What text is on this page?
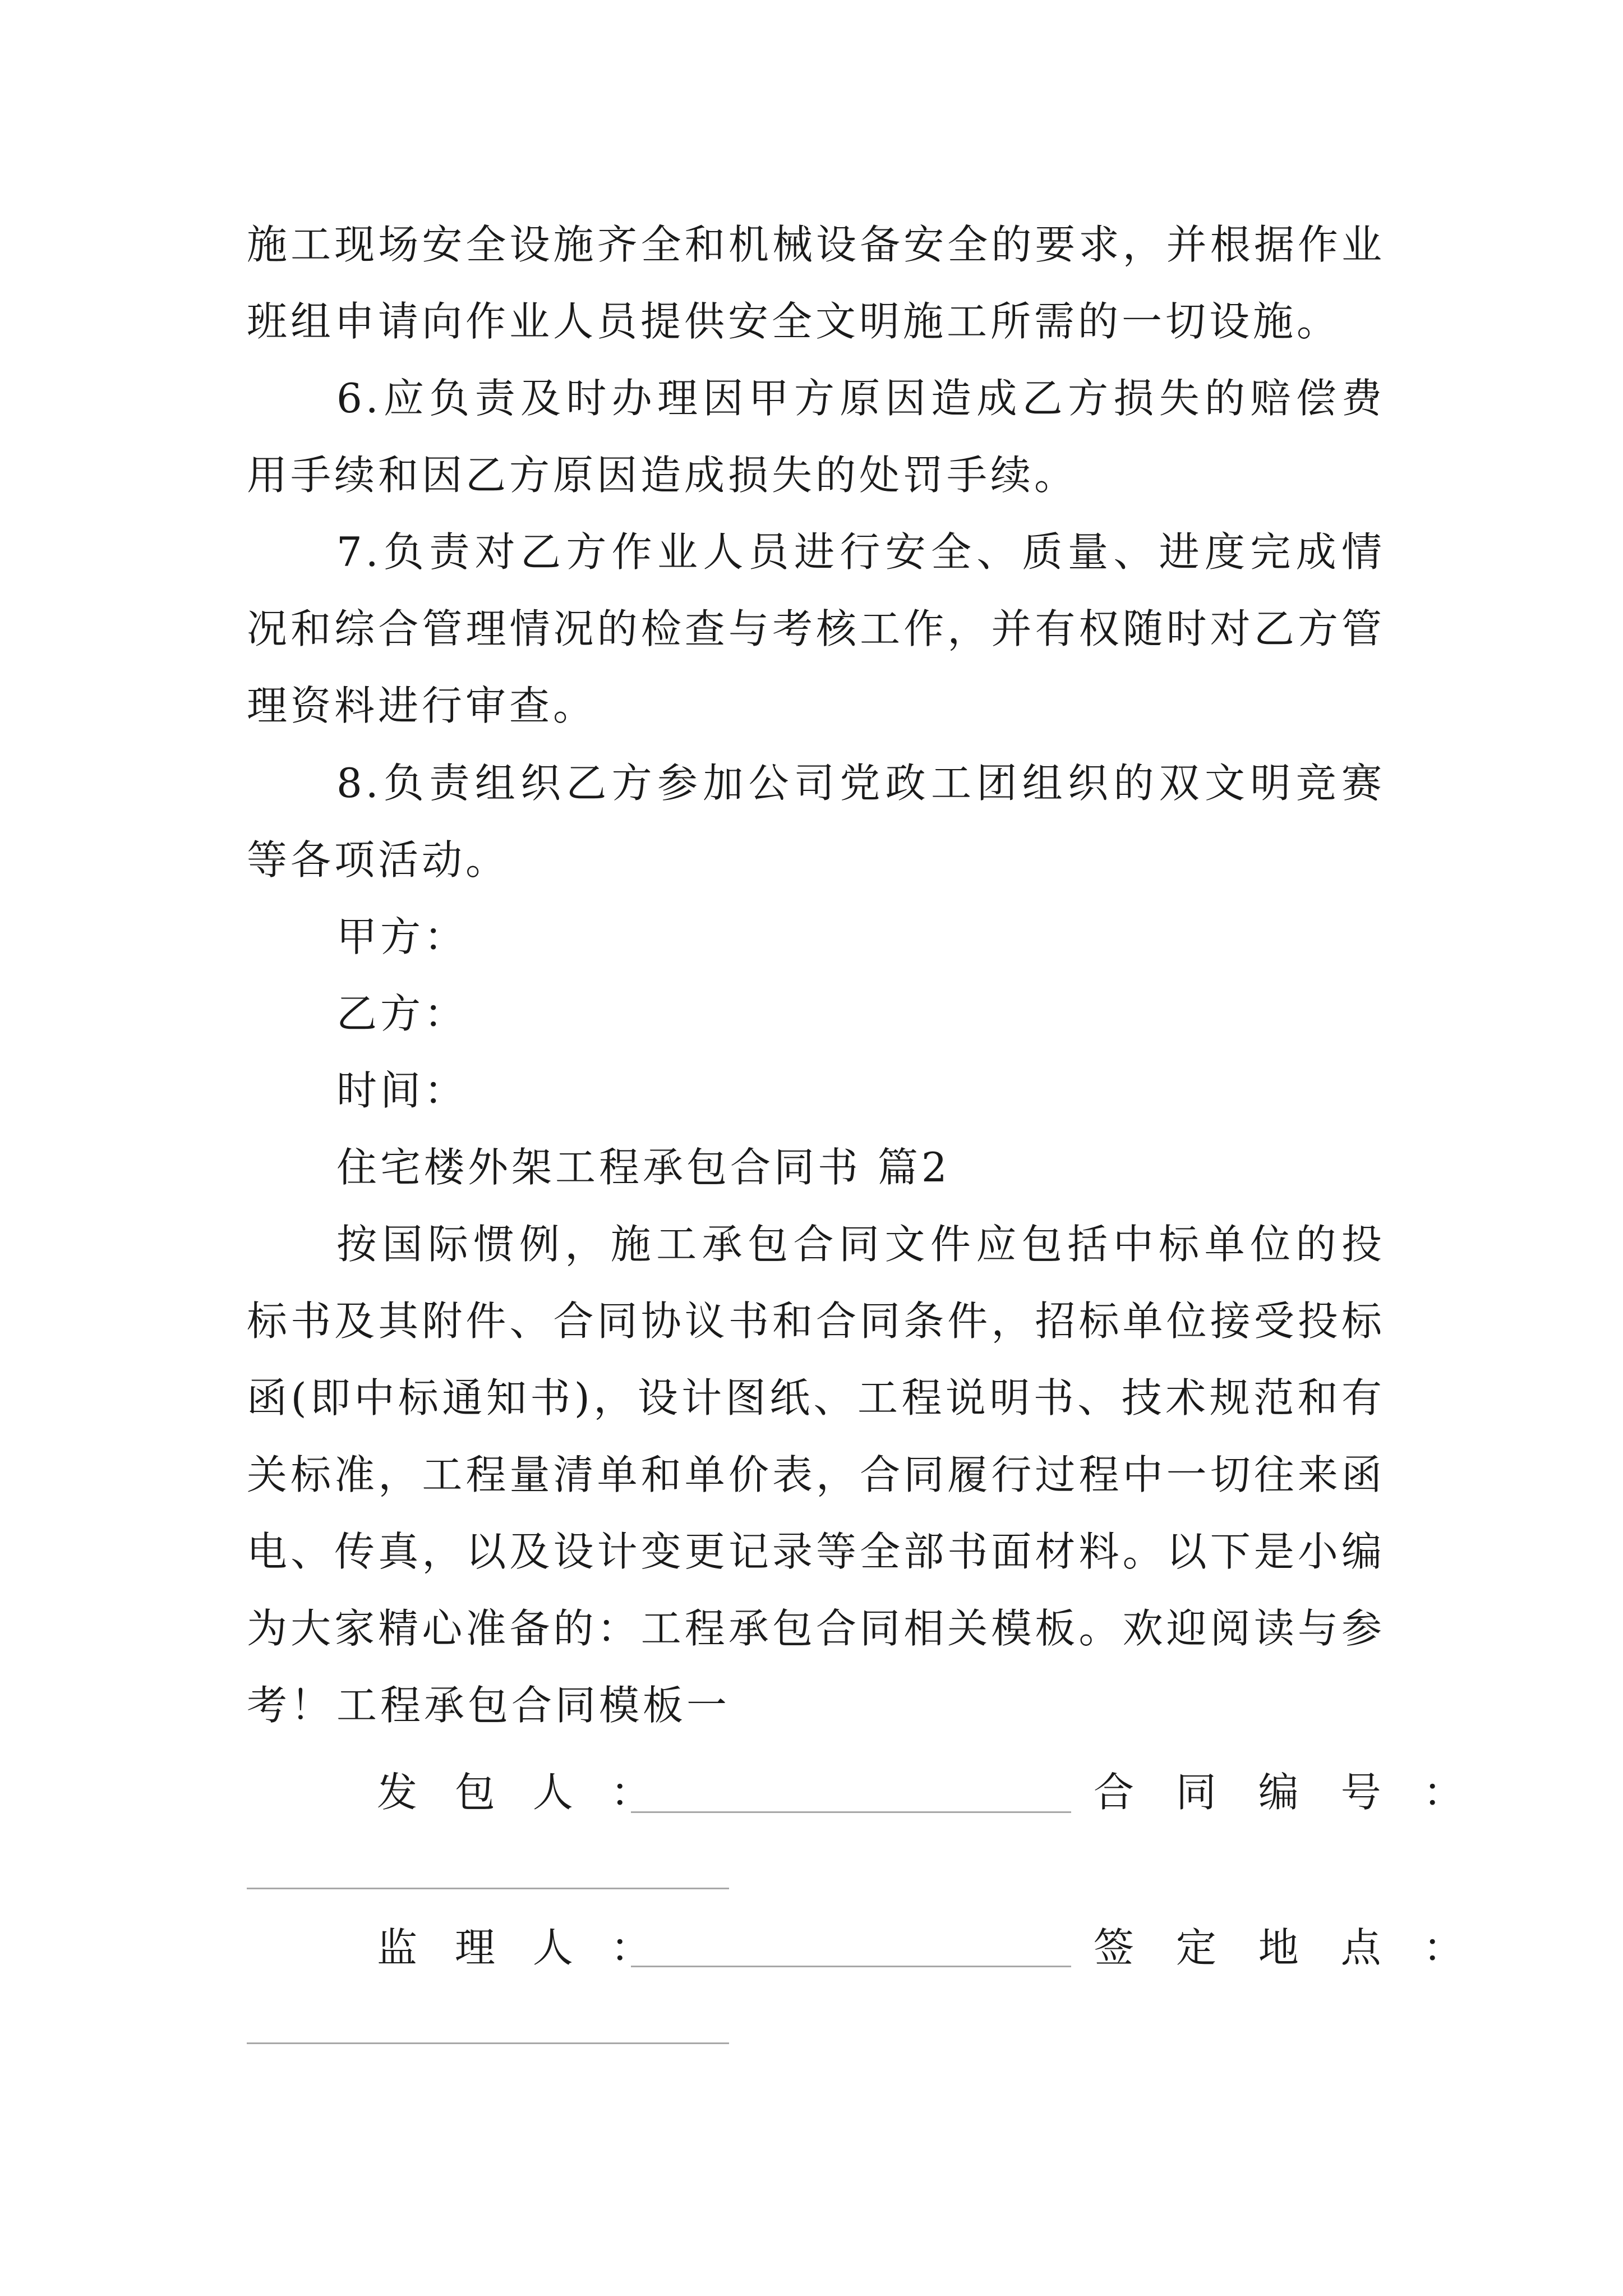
施工现场安全设施齐全和机械设备安全的要求，并根据作业班组申请向作业人员提供安全文明施工所需的一切设施。

6.应负责及时办理因甲方原因造成乙方损失的赔偿费用手续和因乙方原因造成损失的处罚手续。

7.负责对乙方作业人员进行安全、质量、进度完成情况和综合管理情况的检查与考核工作，并有权随时对乙方管理资料进行审查。

8.负责组织乙方参加公司党政工团组织的双文明竞赛等各项活动。

甲方：

乙方：

时间：

住宅楼外架工程承包合同书 篇2

按国际惯例，施工承包合同文件应包括中标单位的投标书及其附件、合同协议书和合同条件，招标单位接受投标函(即中标通知书)，设计图纸、工程说明书、技术规范和有关标准，工程量清单和单价表，合同履行过程中一切往来函电、传真，以及设计变更记录等全部书面材料。以下是小编为大家精心准备的：工程承包合同相关模板。欢迎阅读与参考！ 工程承包合同模板一

发 包 人 ：	合 同 编 号 ：
监 理 人 ：	签 定 地 点 ：
